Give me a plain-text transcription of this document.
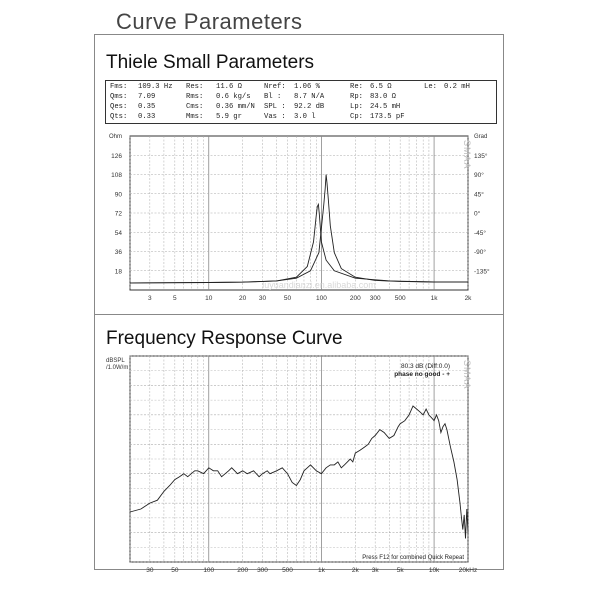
Curve Parameters
Thiele Small Parameters
Fms: 109.3 Hz Res: 11.6 Ω	Nref: 1.06 %	Re: 6.5 Ω	Le: 0.2 mH
Qms: 7.09	Rms: 0.6 kg/s Bl : 8.7 N/A	Rp: 83.0 Ω
Qes: 0.35	Cms: 0.36 mm/N SPL : 92.2 dB	Lp: 24.5 mH
Qts: 0.33	Mms: 5.9 gr	Vas : 3.0 l	Cp: 173.5 pF
126
108
90
72
54
36
18
135°
90°
45°
0°
-45°
-90°
-135°
3	5	10	20 30	50	100	200 300 500	1k	2k
Ohm	Grad
SMAA
luyuandianzi.en.alibaba.com
Frequency Response Curve
30	50	100	200 300 500	1k	2k 3k	5k	10k	20kHz
dBSPL /1.0W/m	SMAA
80.3 dB (Diff:0.0)
phase no good - +
Press F12 for combined Quick Repeat
